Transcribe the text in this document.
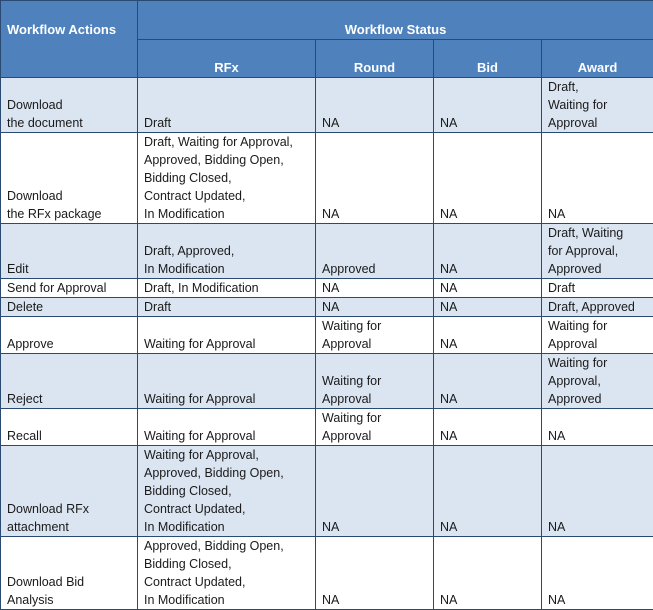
Workflow Actions	Workflow Status			
	RFx	Round	Bid	Award

Download
the document	Draft	NA	NA	Draft,
Waiting for
Approval

Download
the RFx package	Draft, Waiting for Approval,
Approved, Bidding Open,
Bidding Closed,
Contract Updated,
In Modification	NA	NA	NA

Edit	Draft, Approved,
In Modification	Approved	NA	Draft, Waiting
for Approval,
Approved

Send for Approval	Draft, In Modification	NA	NA	Draft

Delete	Draft	NA	NA	Draft, Approved

Approve	Waiting for Approval	Waiting for
Approval	NA	Waiting for
Approval

Reject	Waiting for Approval	Waiting for
Approval	NA	Waiting for
Approval,
Approved

Recall	Waiting for Approval	Waiting for
Approval	NA	NA

Download RFx
attachment	Waiting for Approval,
Approved, Bidding Open,
Bidding Closed,
Contract Updated,
In Modification	NA	NA	NA

Download Bid
Analysis	Approved, Bidding Open,
Bidding Closed,
Contract Updated,
In Modification	NA	NA	NA
